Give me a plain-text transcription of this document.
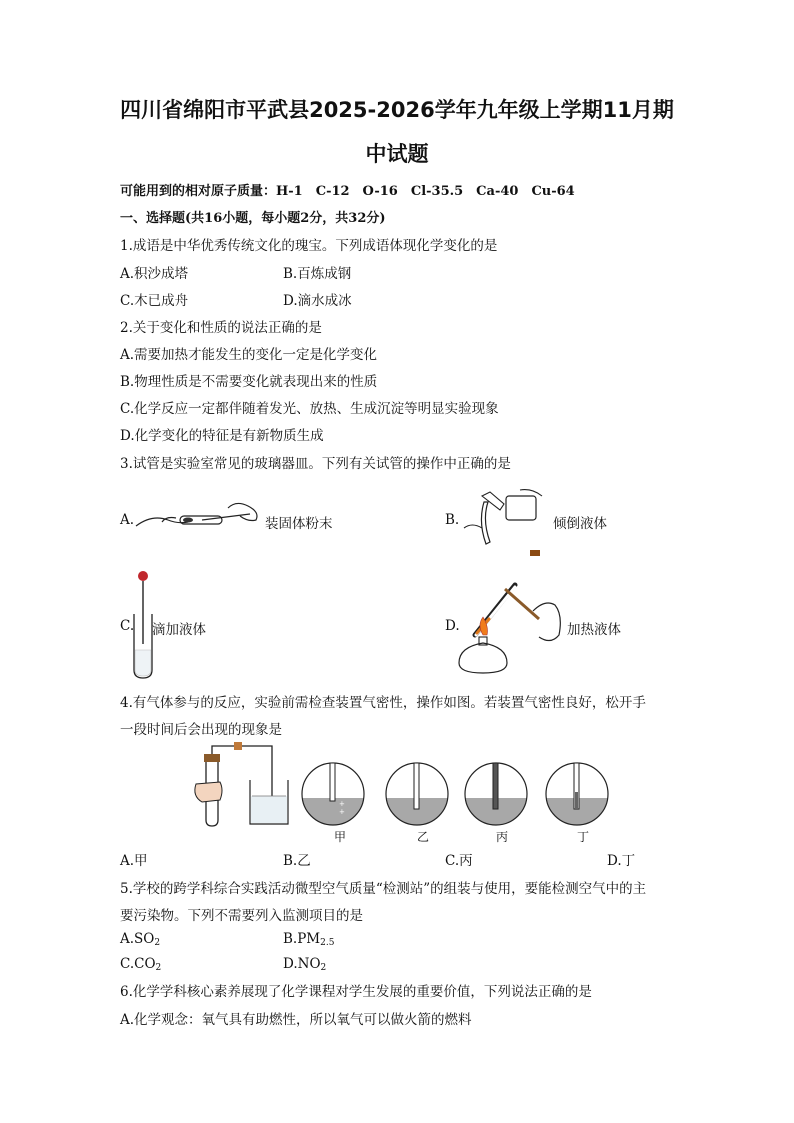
四川省绵阳市平武县2025-2026学年九年级上学期11月期
中试题
可能用到的相对原子质量：H-1　C-12　O-16　Cl-35.5　Ca-40　Cu-64
一、选择题(共16小题，每小题2分，共32分)
1.成语是中华优秀传统文化的瑰宝。下列成语体现化学变化的是
A.积沙成塔	B.百炼成钢
C.木已成舟	D.滴水成冰
2.关于变化和性质的说法正确的是
A.需要加热才能发生的变化一定是化学变化
B.物理性质是不需要变化就表现出来的性质
C.化学反应一定都伴随着发光、放热、生成沉淀等明显实验现象
D.化学变化的特征是有新物质生成
3.试管是实验室常见的玻璃器皿。下列有关试管的操作中正确的是
A.	装固体粉末	B.	倾倒液体
C. 滴加液体	D.	加热液体
4.有气体参与的反应，实验前需检查装置气密性，操作如图。若装置气密性良好，松开手
一段时间后会出现的现象是
+
+
甲	乙	丙	丁
A.甲	B.乙	C.丙	D.丁
5.学校的跨学科综合实践活动微型空气质量“检测站”的组装与使用，要能检测空气中的主
要污染物。下列不需要列入监测项目的是
$A.SO_2$	$B.PM_{2.5}$
$C.CO_2$	$D.NO_2$
6.化学学科核心素养展现了化学课程对学生发展的重要价值，下列说法正确的是
A.化学观念：氧气具有助燃性，所以氧气可以做火箭的燃料
